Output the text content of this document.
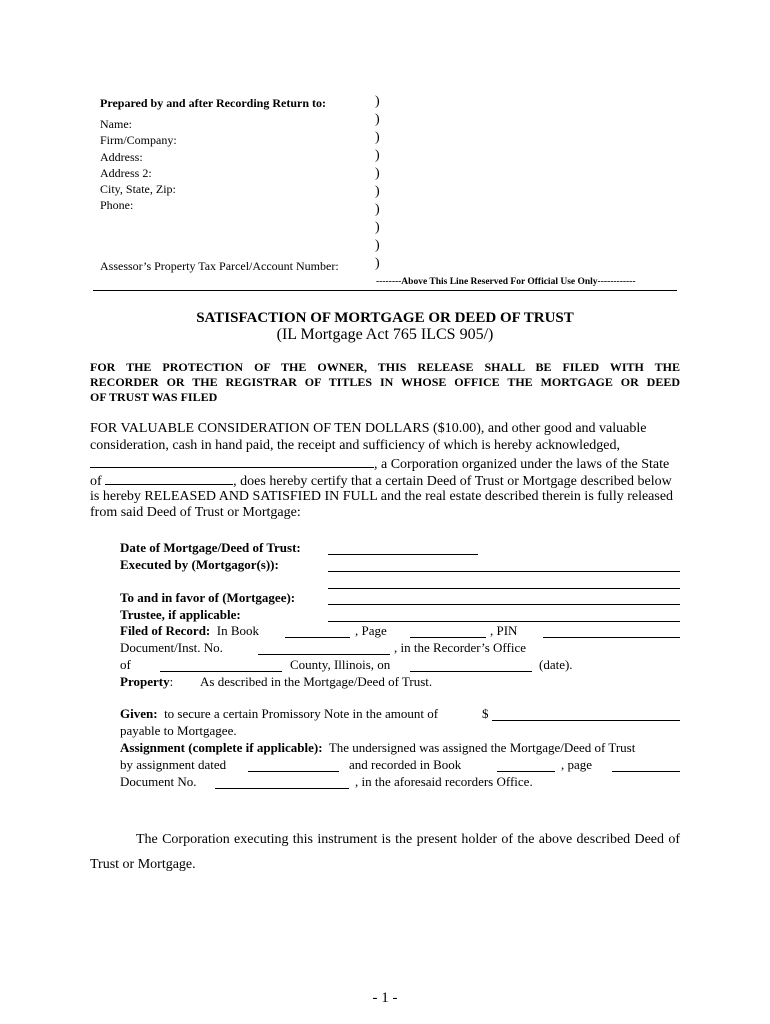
Prepared by and after Recording Return to:
Name:
Firm/Company:
Address:
Address 2:
City, State, Zip:
Phone:
Assessor’s Property Tax Parcel/Account Number:
)
)
)
)
)
)
)
)
)
)
--------Above This Line Reserved For Official Use Only------------
SATISFACTION OF MORTGAGE OR DEED OF TRUST
(IL Mortgage Act 765 ILCS 905/)
FOR THE PROTECTION OF THE OWNER, THIS RELEASE SHALL BE FILED WITH THE
RECORDER OR THE REGISTRAR OF TITLES IN WHOSE OFFICE THE MORTGAGE OR DEED
OF TRUST WAS FILED
FOR VALUABLE CONSIDERATION OF TEN DOLLARS ($10.00), and other good and valuable
consideration, cash in hand paid, the receipt and sufficiency of which is hereby acknowledged,
, a Corporation organized under the laws of the State
of	, does hereby certify that a certain Deed of Trust or Mortgage described below
is hereby RELEASED AND SATISFIED IN FULL and the real estate described therein is fully released
from said Deed of Trust or Mortgage:
Date of Mortgage/Deed of Trust:
Executed by (Mortgagor(s)):
To and in favor of (Mortgagee):
Trustee, if applicable:
Filed of Record: In Book	, Page	, PIN
Document/Inst. No.	, in the Recorder’s Office
of	County, Illinois, on	(date).
Property: As described in the Mortgage/Deed of Trust.
Given: to secure a certain Promissory Note in the amount of	$
payable to Mortgagee.
Assignment (complete if applicable): The undersigned was assigned the Mortgage/Deed of Trust
by assignment dated	and recorded in Book	, page
Document No.	, in the aforesaid recorders Office.
The Corporation executing this instrument is the present holder of the above described Deed of
Trust or Mortgage.
- 1 -
